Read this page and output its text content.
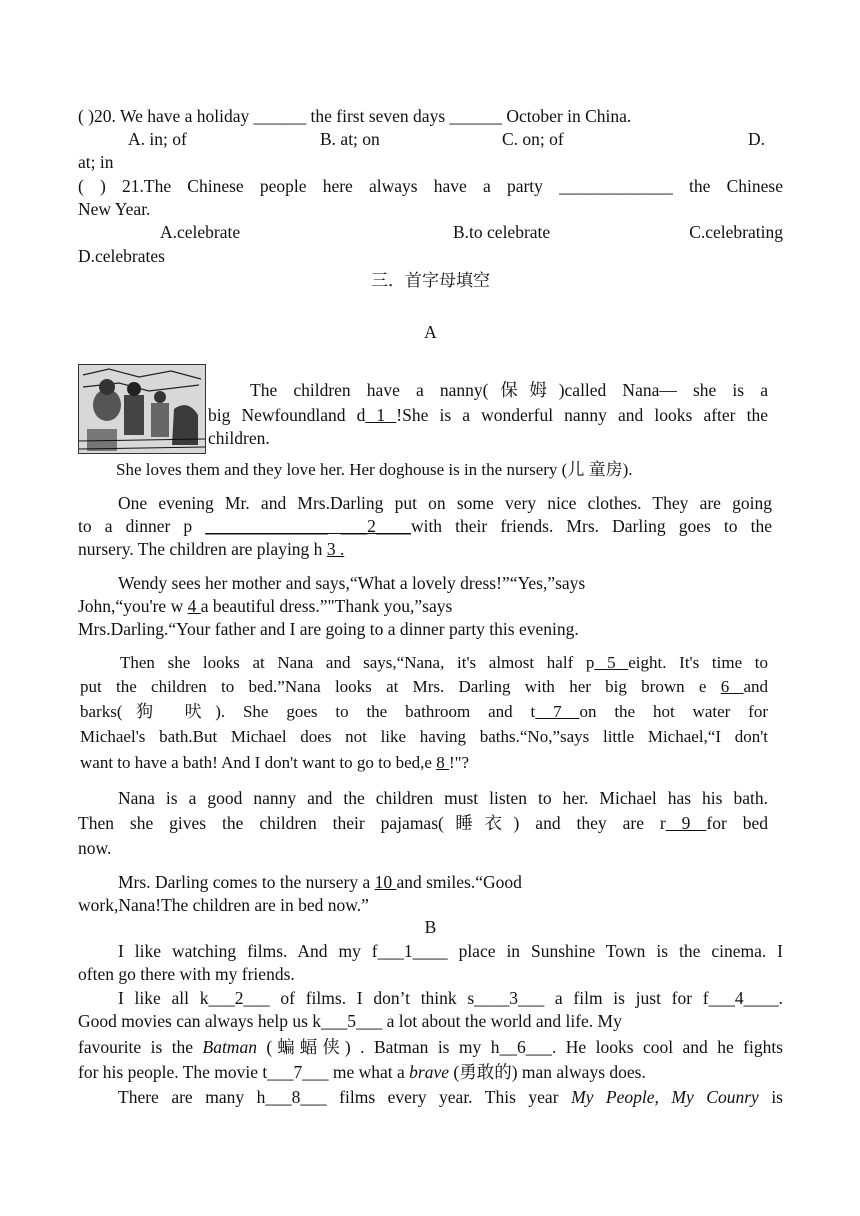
( )20. We have a holiday ______ the first seven days ______ October in China.
A. in; of	B. at; on	C. on; of	D.
at; in
( ) 21.The Chinese people here always have a party _____________ the Chinese
New Year.
A.celebrate	B.to celebrate	C.celebrating
D.celebrates
三．首字母填空
A
The children have a nanny(保姆)called Nana— she is a
big Newfoundland d 1 !She is a wonderful nanny and looks after the
children.
She loves them and they love her. Her doghouse is in the nursery (儿 童房).
One evening Mr. and Mrs.Darling put on some very nice clothes. They are going
to a dinner p ______________ ___2____with their friends. Mrs. Darling goes to the
nursery. The children are playing h 3 .
Wendy sees her mother and says,“What a lovely dress!”“Yes,”says
John,“you're w 4 a beautiful dress.”"Thank you,”says
Mrs.Darling.“Your father and I are going to a dinner party this evening.
Then she looks at Nana and says,“Nana, it's almost half p 5 eight. It's time to
put the children to bed.”Nana looks at Mrs. Darling with her big brown e 6 and
barks(狗 吠). She goes to the bathroom and t 7 on the hot water for
Michael's bath.But Michael does not like having baths.“No,”says little Michael,“I don't
want to have a bath! And I don't want to go to bed,e 8 !"?
Nana is a good nanny and the children must listen to her. Michael has his bath.
Then she gives the children their pajamas(睡衣) and they are r 9 for bed
now.
Mrs. Darling comes to the nursery a 10 and smiles.“Good
work,Nana!The children are in bed now.”
B
I like watching films. And my f___1____ place in Sunshine Town is the cinema. I
often go there with my friends.
I like all k___2___ of films. I don’t think s____3___ a film is just for f___4____.
Good movies can always help us k___5___ a lot about the world and life. My
favourite is the Batman (蝙蝠侠) . Batman is my h__6___. He looks cool and he fights
for his people. The movie t___7___ me what a brave (勇敢的) man always does.
There are many h___8___ films every year. This year My People, My Counry is
